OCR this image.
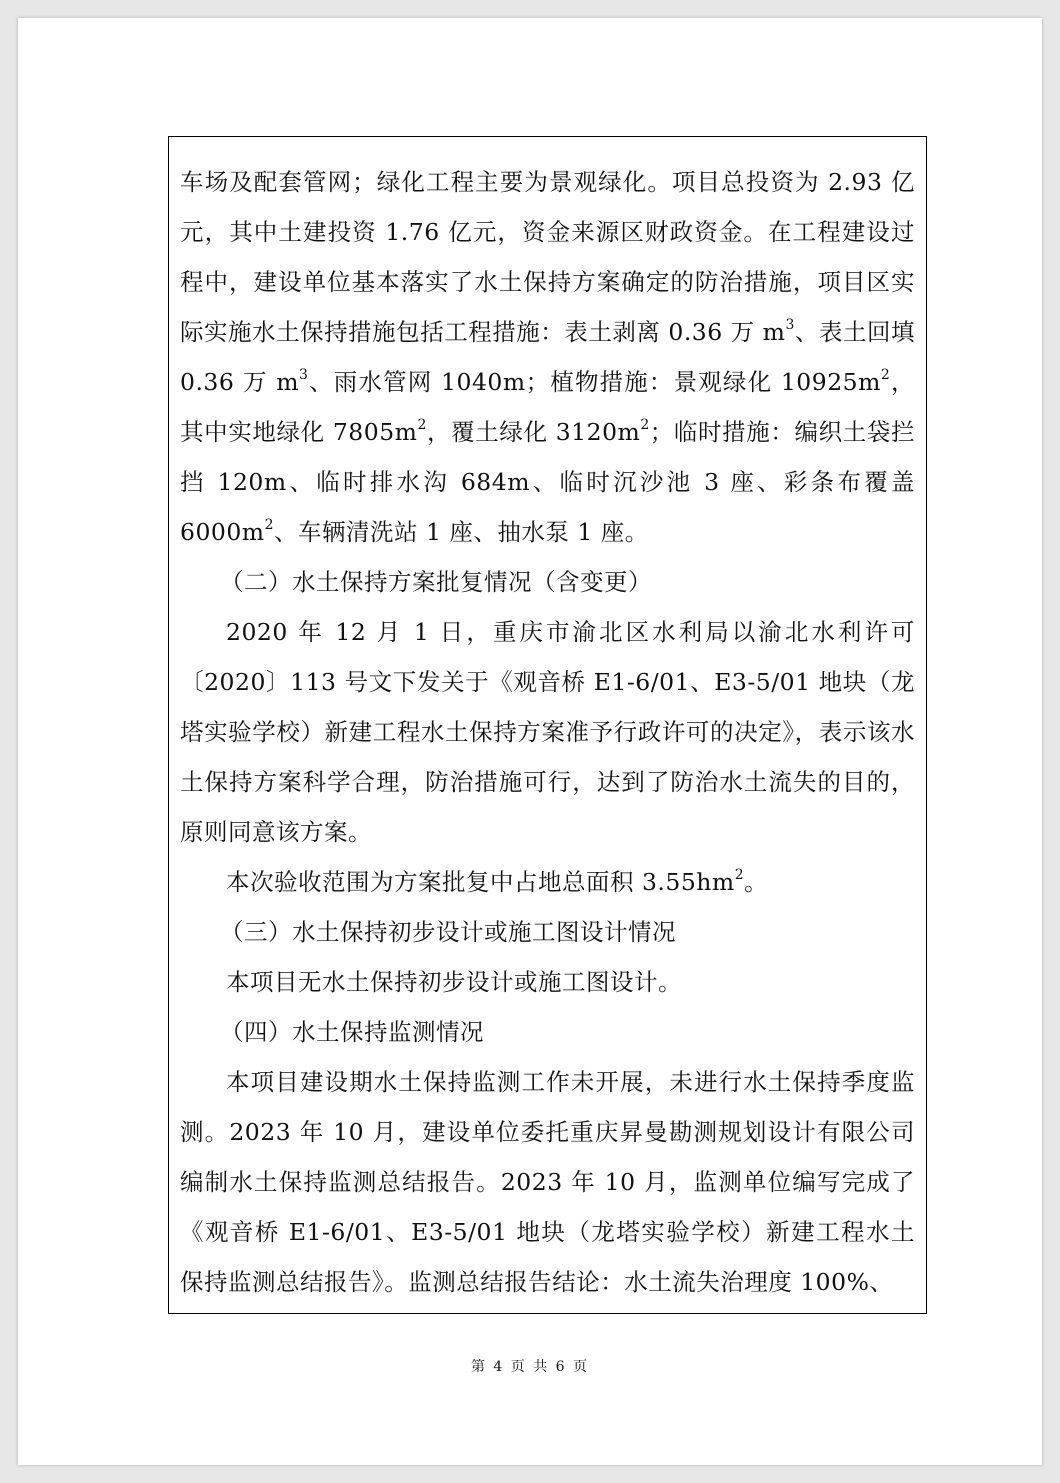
车场及配套管网；绿化工程主要为景观绿化。项目总投资为 2.93 亿元，其中土建投资 1.76 亿元，资金来源区财政资金。在工程建设过程中，建设单位基本落实了水土保持方案确定的防治措施，项目区实际实施水土保持措施包括工程措施：表土剥离 0.36 万 $m^3$、表土回填 0.36 万 $m^3$、雨水管网 1040m；植物措施：景观绿化 $10925m^2$，其中实地绿化 $7805m^2$，覆土绿化 $3120m^2$；临时措施：编织土袋拦挡 120m、临时排水沟 684m、临时沉沙池 3 座、彩条布覆盖 $6000m^2$、车辆清洗站 1 座、抽水泵 1 座。

（二）水土保持方案批复情况（含变更）

2020 年 12 月 1 日，重庆市渝北区水利局以渝北水利许可〔2020〕113 号文下发关于《观音桥 E1-6/01、E3-5/01 地块（龙塔实验学校）新建工程水土保持方案准予行政许可的决定》，表示该水土保持方案科学合理，防治措施可行，达到了防治水土流失的目的，原则同意该方案。

本次验收范围为方案批复中占地总面积 $3.55hm^2$。

（三）水土保持初步设计或施工图设计情况

本项目无水土保持初步设计或施工图设计。

（四）水土保持监测情况

本项目建设期水土保持监测工作未开展，未进行水土保持季度监测。2023 年 10 月，建设单位委托重庆昇曼勘测规划设计有限公司编制水土保持监测总结报告。2023 年 10 月，监测单位编写完成了《观音桥 E1-6/01、E3-5/01 地块（龙塔实验学校）新建工程水土保持监测总结报告》。监测总结报告结论：水土流失治理度 100%、

第 4 页 共 6 页
